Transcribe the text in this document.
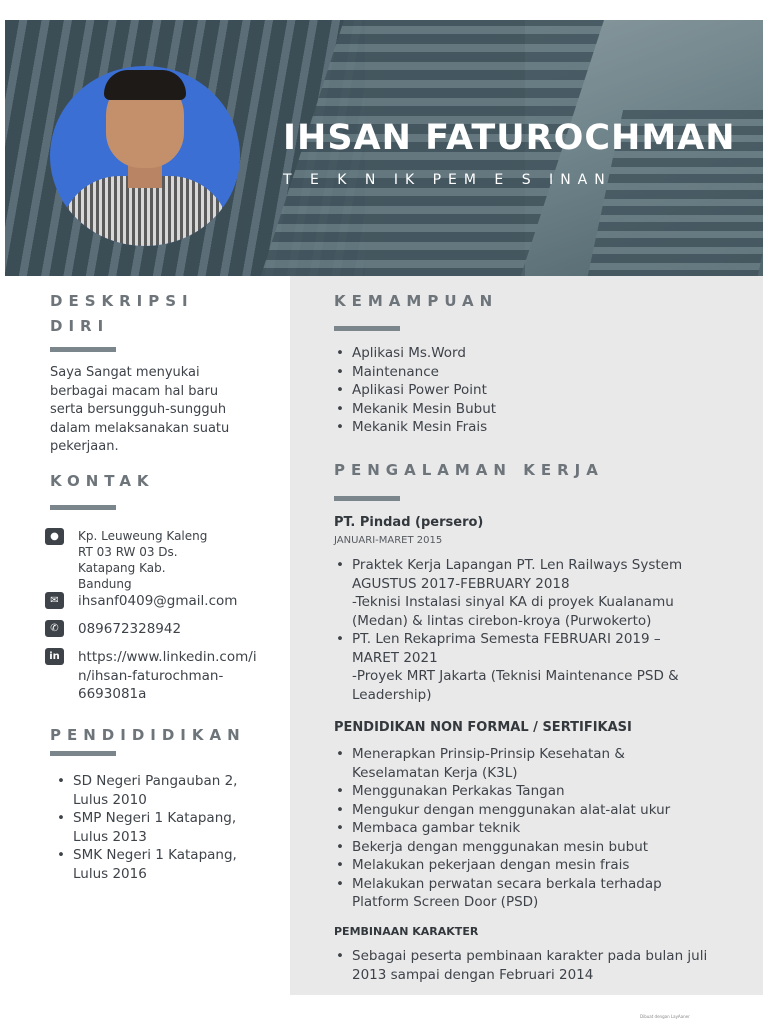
IHSAN FATUROCHMAN
T E K N IK PEM E S INAN
DESKRIPSI
DIRI
Saya Sangat menyukai
berbagai macam hal baru
serta bersungguh-sungguh
dalam melaksanakan suatu
pekerjaan.
KONTAK
●	Kp. Leuweung Kaleng
RT 03 RW 03 Ds.
Katapang Kab.
Bandung
✉	ihsanf0409@gmail.com
✆	089672328942
in	https://www.linkedin.com/i
n/ihsan-faturochman-
6693081a
PENDIDIDIKAN
• SD Negeri Pangauban 2,
Lulus 2010
• SMP Negeri 1 Katapang,
Lulus 2013
• SMK Negeri 1 Katapang,
Lulus 2016
KEMAMPUAN
• Aplikasi Ms.Word
• Maintenance
• Aplikasi Power Point
• Mekanik Mesin Bubut
• Mekanik Mesin Frais
PENGALAMAN KERJA
PT. Pindad (persero)
JANUARI-MARET 2015
• Praktek Kerja Lapangan PT. Len Railways System
AGUSTUS 2017-FEBRUARY 2018
-Teknisi Instalasi sinyal KA di proyek Kualanamu
(Medan) & lintas cirebon-kroya (Purwokerto)
• PT. Len Rekaprima Semesta FEBRUARI 2019 –
MARET 2021
-Proyek MRT Jakarta (Teknisi Maintenance PSD &
Leadership)
PENDIDIKAN NON FORMAL / SERTIFIKASI
• Menerapkan Prinsip-Prinsip Kesehatan &
Keselamatan Kerja (K3L)
• Menggunakan Perkakas Tangan
• Mengukur dengan menggunakan alat-alat ukur
• Membaca gambar teknik
• Bekerja dengan menggunakan mesin bubut
• Melakukan pekerjaan dengan mesin frais
• Melakukan perwatan secara berkala terhadap
Platform Screen Door (PSD)
PEMBINAAN KARAKTER
• Sebagai peserta pembinaan karakter pada bulan juli
2013 sampai dengan Februari 2014
Dibuat dengan LayAaner
